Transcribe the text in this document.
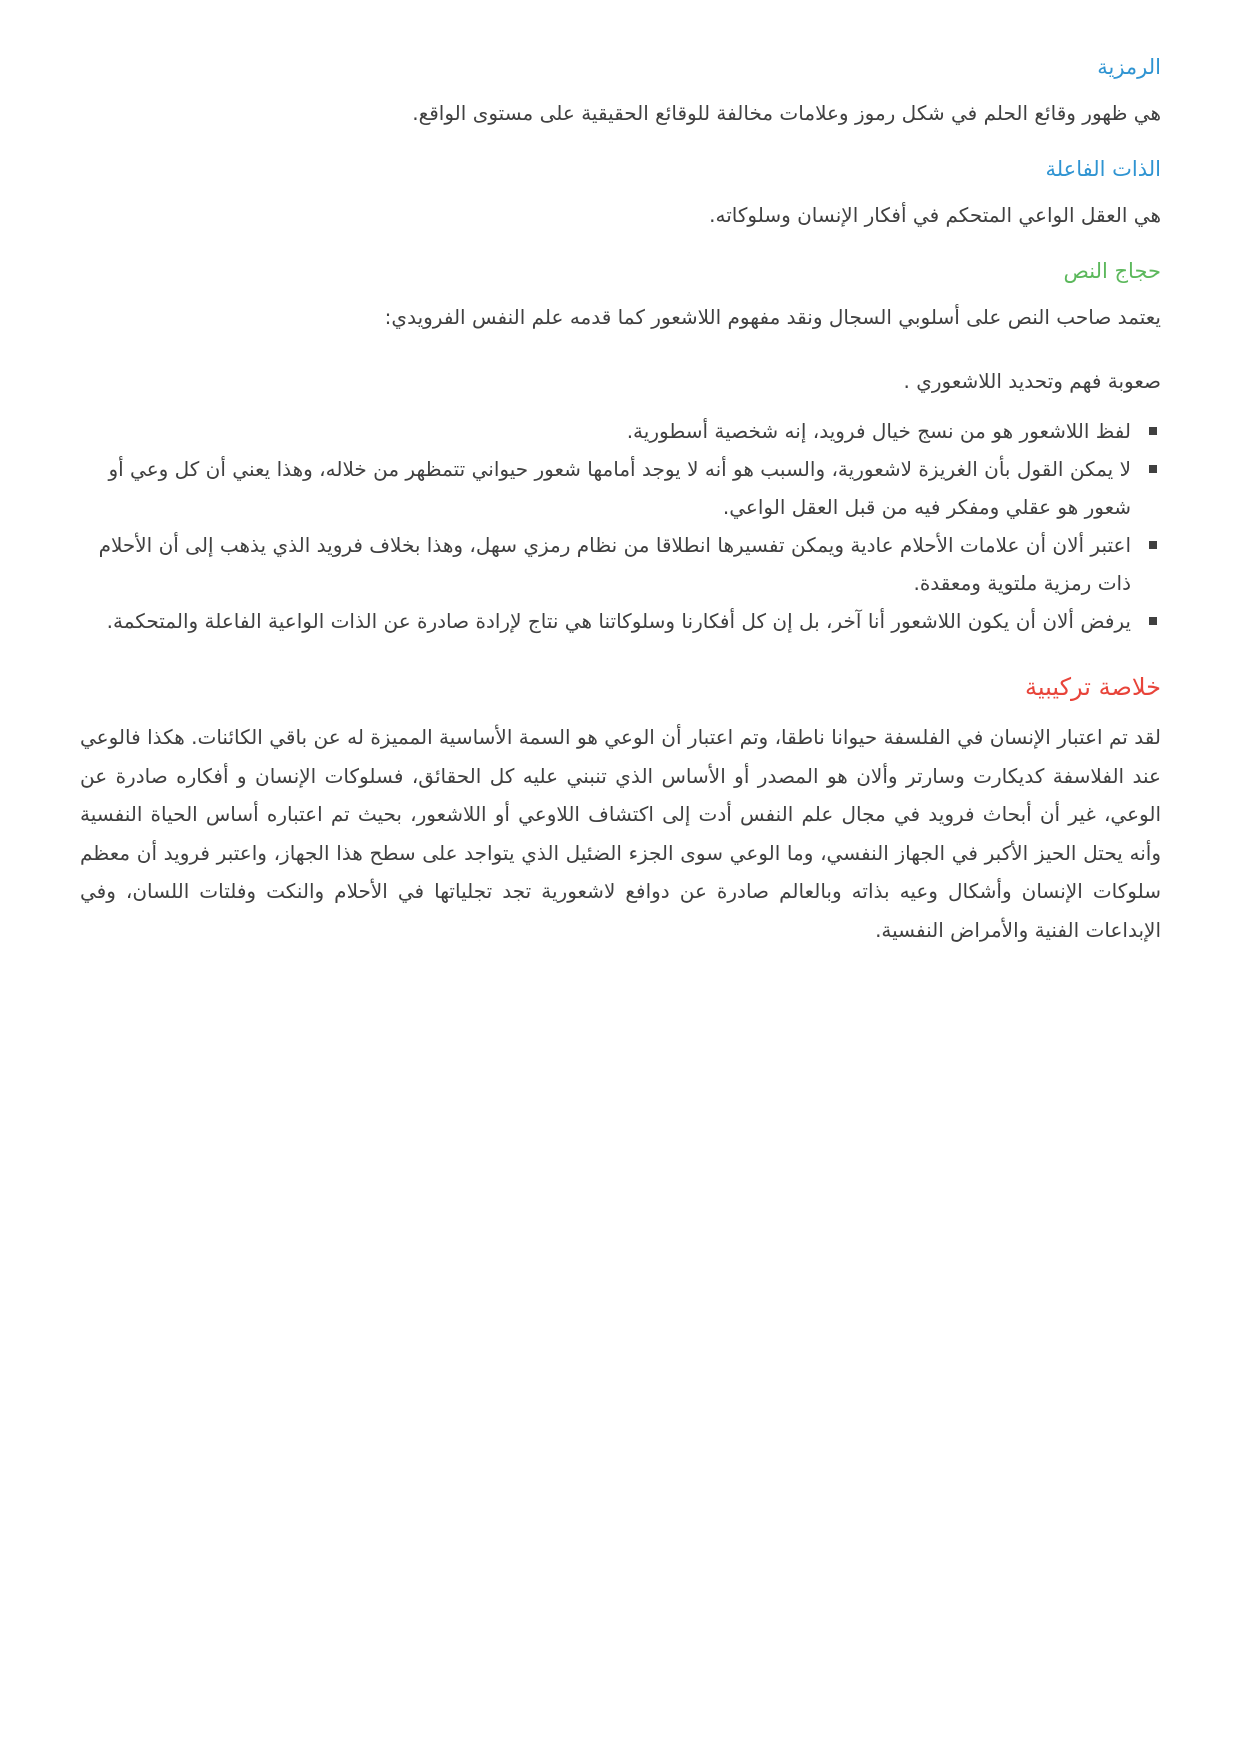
الرمزية

هي ظهور وقائع الحلم في شكل رموز وعلامات مخالفة للوقائع الحقيقية على مستوى الواقع.

الذات الفاعلة

هي العقل الواعي المتحكم في أفكار الإنسان وسلوكاته.

حجاج النص

يعتمد صاحب النص على أسلوبي السجال ونقد مفهوم اللاشعور كما قدمه علم النفس الفرويدي:

صعوبة فهم وتحديد اللاشعوري .

لفظ اللاشعور هو من نسج خيال فرويد، إنه شخصية أسطورية.
لا يمكن القول بأن الغريزة لاشعورية، والسبب هو أنه لا يوجد أمامها شعور حيواني تتمظهر من خلاله، وهذا يعني أن كل وعي أو شعور هو عقلي ومفكر فيه من قبل العقل الواعي.
اعتبر ألان أن علامات الأحلام عادية ويمكن تفسيرها انطلاقا من نظام رمزي سهل، وهذا بخلاف فرويد الذي يذهب إلى أن الأحلام ذات رمزية ملتوية ومعقدة.
يرفض ألان أن يكون اللاشعور أنا آخر، بل إن كل أفكارنا وسلوكاتنا هي نتاج لإرادة صادرة عن الذات الواعية الفاعلة والمتحكمة.
خلاصة تركيبية

لقد تم اعتبار الإنسان في الفلسفة حيوانا ناطقا، وتم اعتبار أن الوعي هو السمة الأساسية المميزة له عن باقي الكائنات. هكذا فالوعي عند الفلاسفة كديكارت وسارتر وألان هو المصدر أو الأساس الذي تنبني عليه كل الحقائق، فسلوكات الإنسان و أفكاره صادرة عن الوعي، غير أن أبحاث فرويد في مجال علم النفس أدت إلى اكتشاف اللاوعي أو اللاشعور، بحيث تم اعتباره أساس الحياة النفسية وأنه يحتل الحيز الأكبر في الجهاز النفسي، وما الوعي سوى الجزء الضئيل الذي يتواجد على سطح هذا الجهاز، واعتبر فرويد أن معظم سلوكات الإنسان وأشكال وعيه بذاته وبالعالم صادرة عن دوافع لاشعورية تجد تجلياتها في الأحلام والنكت وفلتات اللسان، وفي الإبداعات الفنية والأمراض النفسية.
